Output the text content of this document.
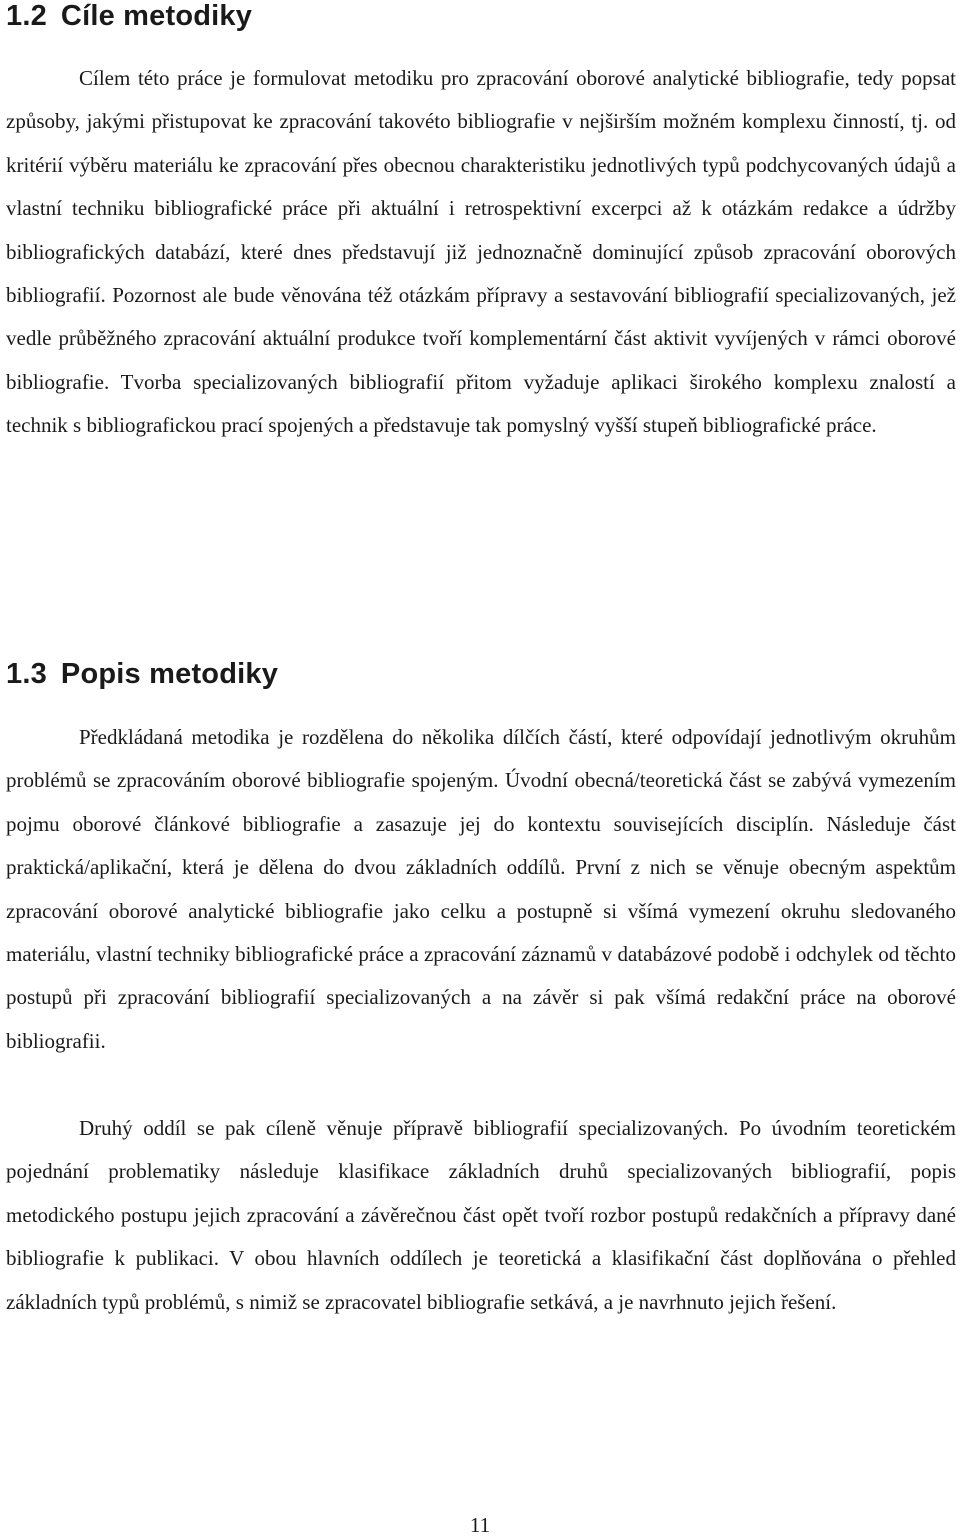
1.2 Cíle metodiky

Cílem této práce je formulovat metodiku pro zpracování oborové analytické bibliografie, tedy popsat způsoby, jakými přistupovat ke zpracování takovéto bibliografie v nejširším možném komplexu činností, tj. od kritérií výběru materiálu ke zpracování přes obecnou charakteristiku jednotlivých typů podchycovaných údajů a vlastní techniku bibliografické práce při aktuální i retrospektivní excerpci až k otázkám redakce a údržby bibliografických databází, které dnes představují již jednoznačně dominující způsob zpracování oborových bibliografií. Pozornost ale bude věnována též otázkám přípravy a sestavování bibliografií specializovaných, jež vedle průběžného zpracování aktuální produkce tvoří komplementární část aktivit vyvíjených v rámci oborové bibliografie. Tvorba specializovaných bibliografií přitom vyžaduje aplikaci širokého komplexu znalostí a technik s bibliografickou prací spojených a představuje tak pomyslný vyšší stupeň bibliografické práce.

1.3 Popis metodiky

Předkládaná metodika je rozdělena do několika dílčích částí, které odpovídají jednotlivým okruhům problémů se zpracováním oborové bibliografie spojeným. Úvodní obecná/teoretická část se zabývá vymezením pojmu oborové článkové bibliografie a zasazuje jej do kontextu souvisejících disciplín. Následuje část praktická/aplikační, která je dělena do dvou základních oddílů. První z nich se věnuje obecným aspektům zpracování oborové analytické bibliografie jako celku a postupně si všímá vymezení okruhu sledovaného materiálu, vlastní techniky bibliografické práce a zpracování záznamů v databázové podobě i odchylek od těchto postupů při zpracování bibliografií specializovaných a na závěr si pak všímá redakční práce na oborové bibliografii.

Druhý oddíl se pak cíleně věnuje přípravě bibliografií specializovaných. Po úvodním teoretickém pojednání problematiky následuje klasifikace základních druhů specializovaných bibliografií, popis metodického postupu jejich zpracování a závěrečnou část opět tvoří rozbor postupů redakčních a přípravy dané bibliografie k publikaci. V obou hlavních oddílech je teoretická a klasifikační část doplňována o přehled základních typů problémů, s nimiž se zpracovatel bibliografie setkává, a je navrhnuto jejich řešení.

11
